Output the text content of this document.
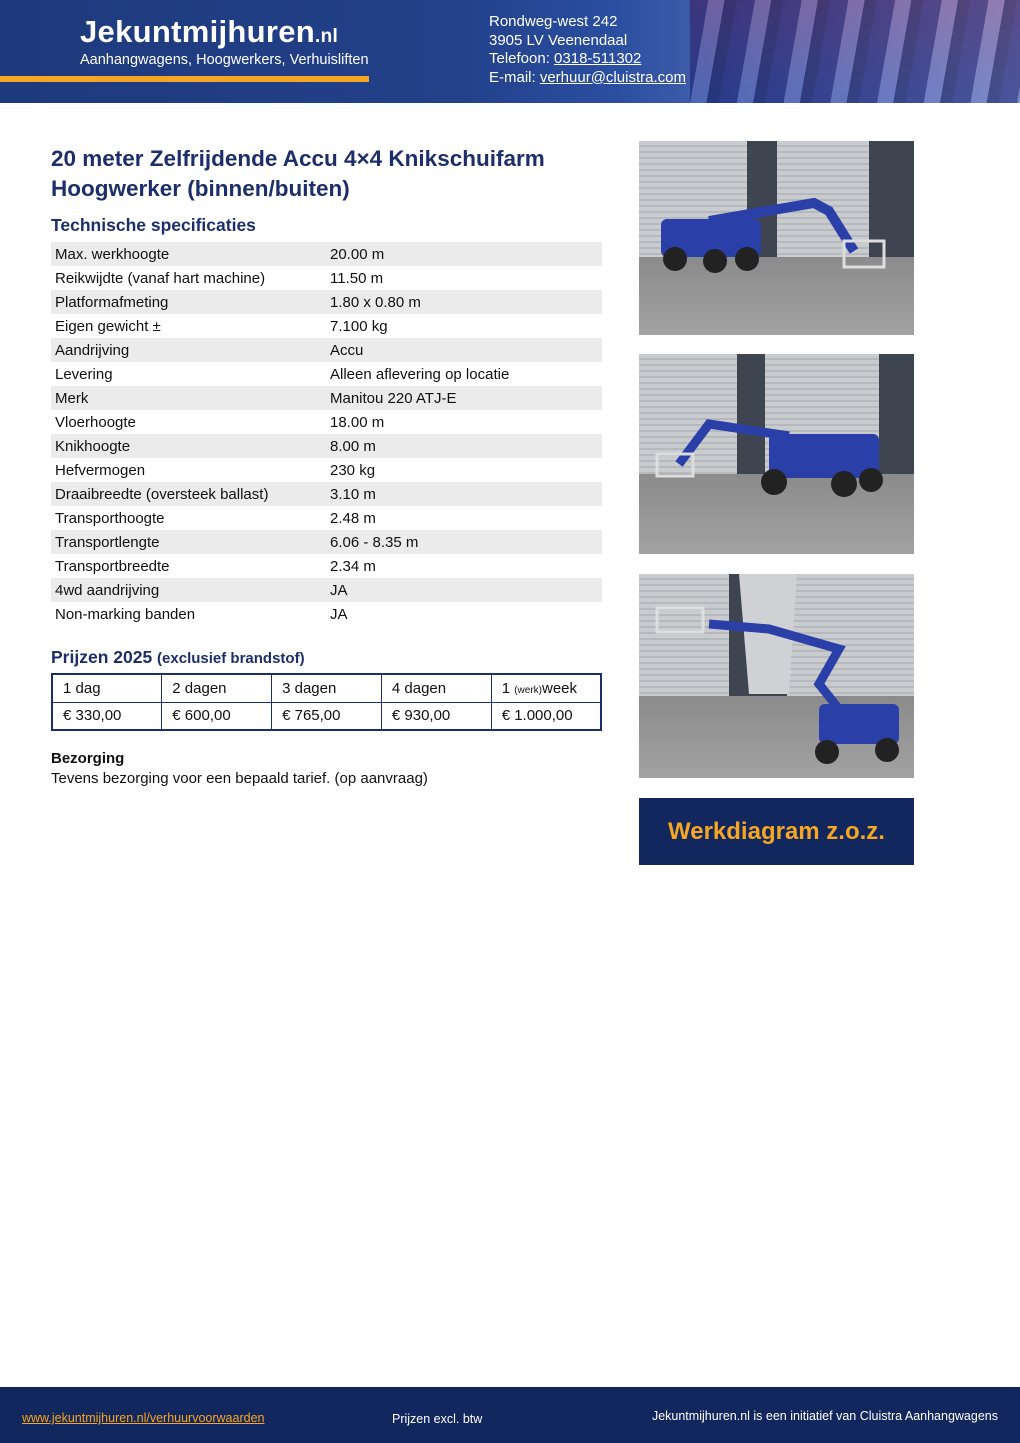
Jekuntmijhuren.nl
Aanhangwagens, Hoogwerkers, Verhuisliften
Rondweg-west 242
3905 LV Veenendaal
Telefoon: 0318-511302
E-mail: verhuur@cluistra.com
20 meter Zelfrijdende Accu 4×4 Knikschuifarm Hoogwerker (binnen/buiten)
Technische specificaties
Max. werkhoogte	20.00 m
Reikwijdte (vanaf hart machine)	11.50 m
Platformafmeting	1.80 x 0.80 m
Eigen gewicht ±	7.100 kg
Aandrijving	Accu
Levering	Alleen aflevering op locatie
Merk	Manitou 220 ATJ-E
Vloerhoogte	18.00 m
Knikhoogte	8.00 m
Hefvermogen	230 kg
Draaibreedte (oversteek ballast)	3.10 m
Transporthoogte	2.48 m
Transportlengte	6.06 - 8.35 m
Transportbreedte	2.34 m
4wd aandrijving	JA
Non-marking banden	JA
Prijzen 2025 (exclusief brandstof)
1 dag	2 dagen	3 dagen	4 dagen	1 (werk)week
€ 330,00	€ 600,00	€ 765,00	€ 930,00	€ 1.000,00
Bezorging
Tevens bezorging voor een bepaald tarief. (op aanvraag)
Werkdiagram z.o.z.
www.jekuntmijhuren.nl/verhuurvoorwaarden	Prijzen excl. btw	Jekuntmijhuren.nl is een initiatief van Cluistra Aanhangwagens
